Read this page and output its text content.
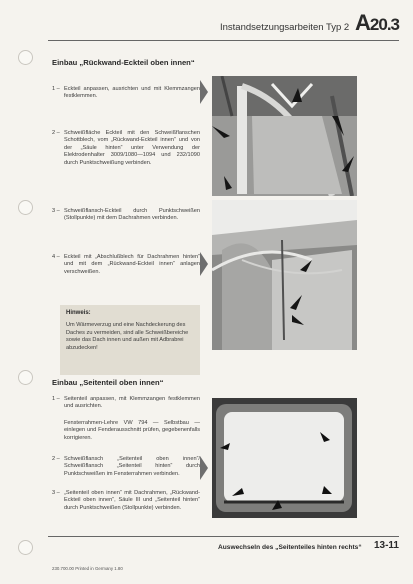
Instandsetzungsarbeiten Typ 2 A20.3
Einbau „Rückwand-Eckteil oben innen“
1 – Eckteil anpassen, ausrichten und mit Klemmzangen festklemmen.
2 – Schweißfläche Eckteil mit den Schweißflanschen Schottblech, vom „Rückwand-Eckteil innen“ und von der „Säule hinten“ unter Verwendung der Elektrodenhalter 3009/1080—1094 und 232/1090 durch Punktschweißung verbinden.
3 – Schweißflansch-Eckteil durch Punktschweißen (Stollpunkte) mit dem Dachrahmen verbinden.
4 – Eckteil mit „Abschlußblech für Dachrahmen hinten“ und mit dem „Rückwand-Eckteil innen“ anlagen verschweißen.
Hinweis:
Um Wärmeverzug und eine Nachdeckerung des Daches zu vermeiden, sind alle Schweißbereiche sowie das Dach innen und außen mit Adbrabrei abzudecken!
Einbau „Seitenteil oben innen“
1 – Seitenteil anpassen, mit Klemmzangen festklemmen und ausrichten.
Fensterrahmen-Lehre VW 794 — Selbstbau — einlegen und Fenderausschnitt prüfen, gegebenenfalls korrigieren.
2 – Schweißflansch „Seitenteil oben innen“/ Schweißflansch „Seitenteil hinten“ durch Punktschweißen im Fensterrahmen verbinden.
3 – „Seitenteil oben innen“ mit Dachrahmen, „Rückwand-Eckteil oben innen“, Säule III und „Seitenteil hinten“ durch Punktschweißen (Stollpunkte) verbinden.
Auswechseln des „Seitenteiles hinten rechts“ 13-11
230.700.00 Printed in Germany 1.80
